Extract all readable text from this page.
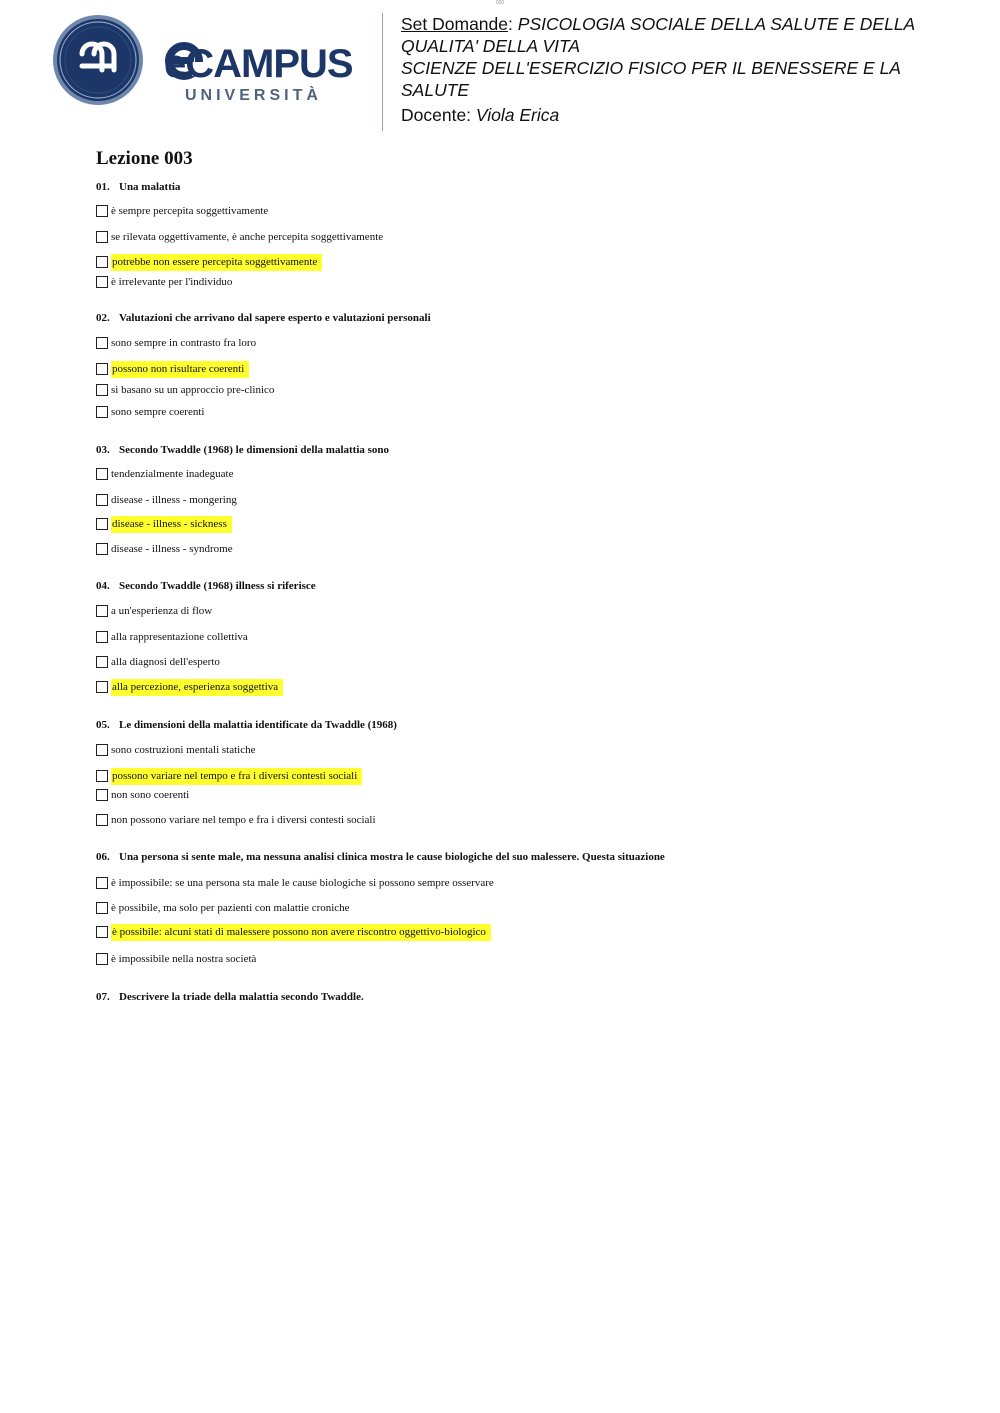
000
eCAMPUS
UNIVERSITÀ

Set Domande: PSICOLOGIA SOCIALE DELLA SALUTE E DELLA

QUALITA' DELLA VITA

SCIENZE DELL'ESERCIZIO FISICO PER IL BENESSERE E LA

SALUTE

Docente: Viola Erica

Lezione 003
01. Una malattia
è sempre percepita soggettivamente
se rilevata oggettivamente, è anche percepita soggettivamente
potrebbe non essere percepita soggettivamente
è irrelevante per l'individuo
02. Valutazioni che arrivano dal sapere esperto e valutazioni personali
sono sempre in contrasto fra loro
possono non risultare coerenti
si basano su un approccio pre-clinico
sono sempre coerenti
03. Secondo Twaddle (1968) le dimensioni della malattia sono
tendenzialmente inadeguate
disease - illness - mongering
disease - illness - sickness
disease - illness - syndrome
04. Secondo Twaddle (1968) illness si riferisce
a un'esperienza di flow
alla rappresentazione collettiva
alla diagnosi dell'esperto
alla percezione, esperienza soggettiva
05. Le dimensioni della malattia identificate da Twaddle (1968)
sono costruzioni mentali statiche
possono variare nel tempo e fra i diversi contesti sociali
non sono coerenti
non possono variare nel tempo e fra i diversi contesti sociali
06. Una persona si sente male, ma nessuna analisi clinica mostra le cause biologiche del suo malessere. Questa situazione
è impossibile: se una persona sta male le cause biologiche si possono sempre osservare
è possibile, ma solo per pazienti con malattie croniche
è possibile: alcuni stati di malessere possono non avere riscontro oggettivo-biologico
è impossibile nella nostra società
07. Descrivere la triade della malattia secondo Twaddle.
